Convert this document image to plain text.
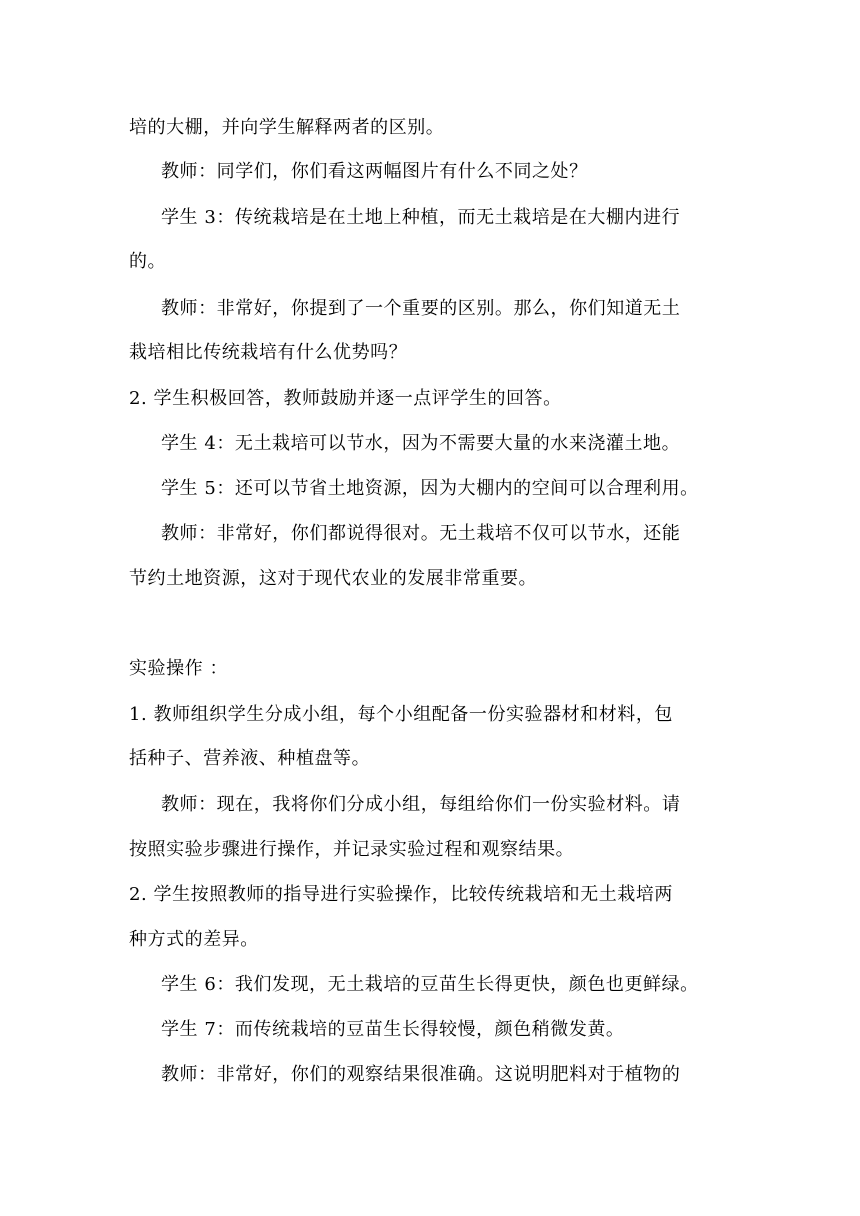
培的大棚，并向学生解释两者的区别。
教师：同学们，你们看这两幅图片有什么不同之处？
学生 3：传统栽培是在土地上种植，而无土栽培是在大棚内进行
的。
教师：非常好，你提到了一个重要的区别。那么，你们知道无土
栽培相比传统栽培有什么优势吗？
2. 学生积极回答，教师鼓励并逐一点评学生的回答。
学生 4：无土栽培可以节水，因为不需要大量的水来浇灌土地。
学生 5：还可以节省土地资源，因为大棚内的空间可以合理利用。
教师：非常好，你们都说得很对。无土栽培不仅可以节水，还能
节约土地资源，这对于现代农业的发展非常重要。
实验操作 ：
1. 教师组织学生分成小组，每个小组配备一份实验器材和材料，包
括种子、营养液、种植盘等。
教师：现在，我将你们分成小组，每组给你们一份实验材料。请
按照实验步骤进行操作，并记录实验过程和观察结果。
2. 学生按照教师的指导进行实验操作，比较传统栽培和无土栽培两
种方式的差异。
学生 6：我们发现，无土栽培的豆苗生长得更快，颜色也更鲜绿。
学生 7：而传统栽培的豆苗生长得较慢，颜色稍微发黄。
教师：非常好，你们的观察结果很准确。这说明肥料对于植物的
